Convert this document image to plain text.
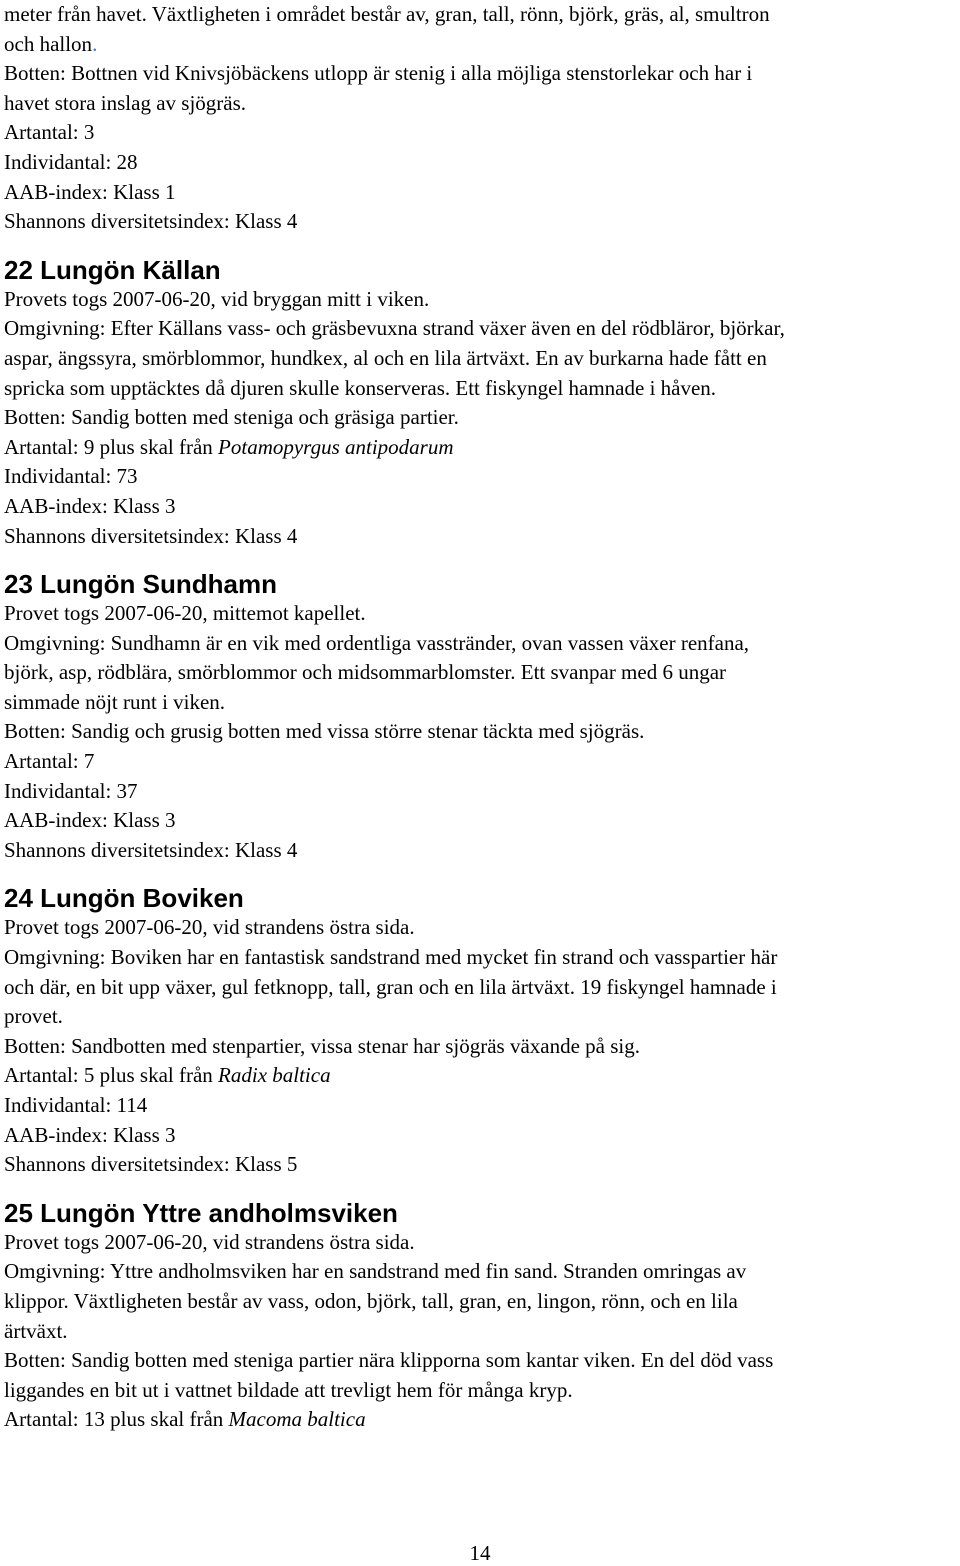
meter från havet. Växtligheten i området består av, gran, tall, rönn, björk, gräs, al, smultron
och hallon.
Botten: Bottnen vid Knivsjöbäckens utlopp är stenig i alla möjliga stenstorlekar och har i
havet stora inslag av sjögräs.
Artantal: 3
Individantal: 28
AAB-index: Klass 1
Shannons diversitetsindex: Klass 4
22 Lungön Källan
Provets togs 2007-06-20, vid bryggan mitt i viken.
Omgivning: Efter Källans vass- och gräsbevuxna strand växer även en del rödbläror, björkar,
aspar, ängssyra, smörblommor, hundkex, al och en lila ärtväxt. En av burkarna hade fått en
spricka som upptäcktes då djuren skulle konserveras. Ett fiskyngel hamnade i håven.
Botten: Sandig botten med steniga och gräsiga partier.
Artantal: 9 plus skal från Potamopyrgus antipodarum
Individantal: 73
AAB-index: Klass 3
Shannons diversitetsindex: Klass 4
23 Lungön Sundhamn
Provet togs 2007-06-20, mittemot kapellet.
Omgivning: Sundhamn är en vik med ordentliga vasstränder, ovan vassen växer renfana,
björk, asp, rödblära, smörblommor och midsommarblomster. Ett svanpar med 6 ungar
simmade nöjt runt i viken.
Botten: Sandig och grusig botten med vissa större stenar täckta med sjögräs.
Artantal: 7
Individantal: 37
AAB-index: Klass 3
Shannons diversitetsindex: Klass 4
24 Lungön Boviken
Provet togs 2007-06-20, vid strandens östra sida.
Omgivning: Boviken har en fantastisk sandstrand med mycket fin strand och vasspartier här
och där, en bit upp växer, gul fetknopp, tall, gran och en lila ärtväxt. 19 fiskyngel hamnade i
provet.
Botten: Sandbotten med stenpartier, vissa stenar har sjögräs växande på sig.
Artantal: 5 plus skal från Radix baltica
Individantal: 114
AAB-index: Klass 3
Shannons diversitetsindex: Klass 5
25 Lungön Yttre andholmsviken
Provet togs 2007-06-20, vid strandens östra sida.
Omgivning: Yttre andholmsviken har en sandstrand med fin sand. Stranden omringas av
klippor. Växtligheten består av vass, odon, björk, tall, gran, en, lingon, rönn, och en lila
ärtväxt.
Botten: Sandig botten med steniga partier nära klipporna som kantar viken. En del död vass
liggandes en bit ut i vattnet bildade att trevligt hem för många kryp.
Artantal: 13 plus skal från Macoma baltica
14
